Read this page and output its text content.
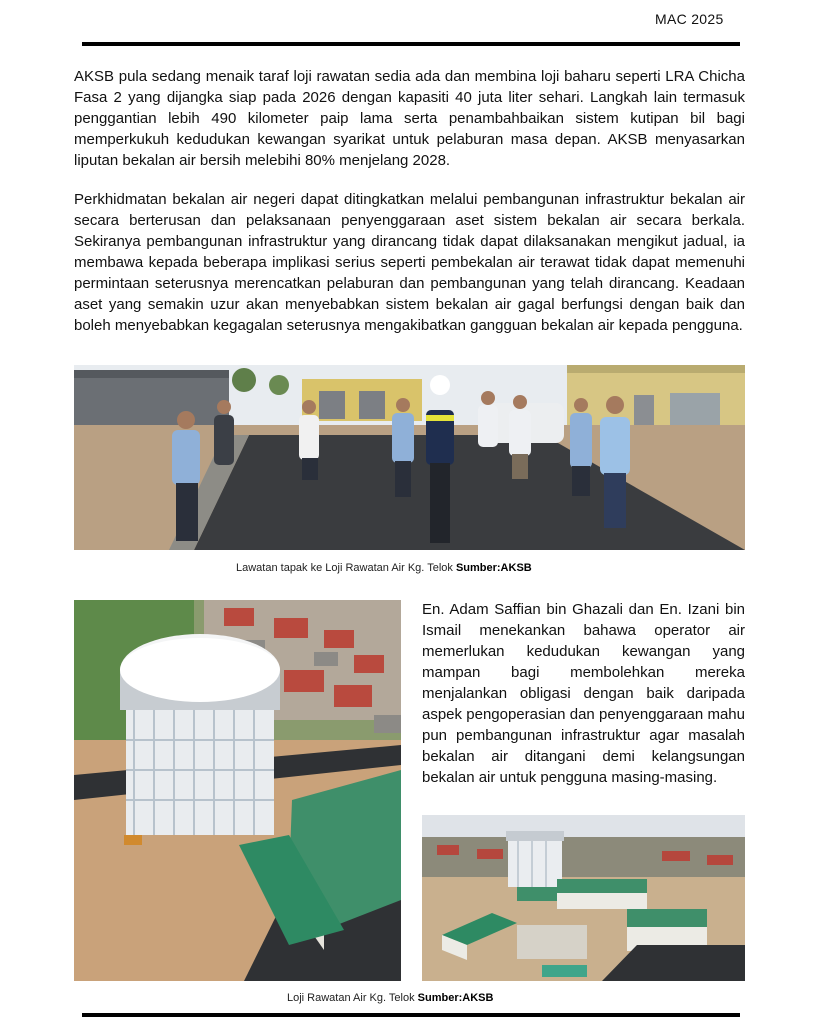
MAC 2025

AKSB pula sedang menaik taraf loji rawatan sedia ada dan membina loji baharu seperti LRA Chicha Fasa 2 yang dijangka siap pada 2026 dengan kapasiti 40 juta liter sehari. Langkah lain termasuk penggantian lebih 490 kilometer paip lama serta penambahbaikan sistem kutipan bil bagi memperkukuh kedudukan kewangan syarikat untuk pelaburan masa depan. AKSB menyasarkan liputan bekalan air bersih melebihi 80% menjelang 2028.

Perkhidmatan bekalan air negeri dapat ditingkatkan melalui pembangunan infrastruktur bekalan air secara berterusan dan pelaksanaan penyenggaraan aset sistem bekalan air secara berkala. Sekiranya pembangunan infrastruktur yang dirancang tidak dapat dilaksanakan mengikut jadual, ia membawa kepada beberapa implikasi serius seperti pembekalan air terawat tidak dapat memenuhi permintaan seterusnya merencatkan pelaburan dan pembangunan yang telah dirancang. Keadaan aset yang semakin uzur akan menyebabkan sistem bekalan air gagal berfungsi dengan baik dan boleh menyebabkan kegagalan seterusnya mengakibatkan gangguan bekalan air kepada pengguna.

Lawatan tapak ke Loji Rawatan Air Kg. Telok Sumber:AKSB

En. Adam Saffian bin Ghazali dan En. Izani bin Ismail menekankan bahawa operator air memerlukan kedudukan kewangan yang mampan bagi membolehkan mereka menjalankan obligasi dengan baik daripada aspek pengoperasian dan penyenggaraan mahu pun pembangunan infrastruktur agar masalah bekalan air ditangani demi kelangsungan bekalan air untuk pengguna masing-masing.

Loji Rawatan Air Kg. Telok Sumber:AKSB
